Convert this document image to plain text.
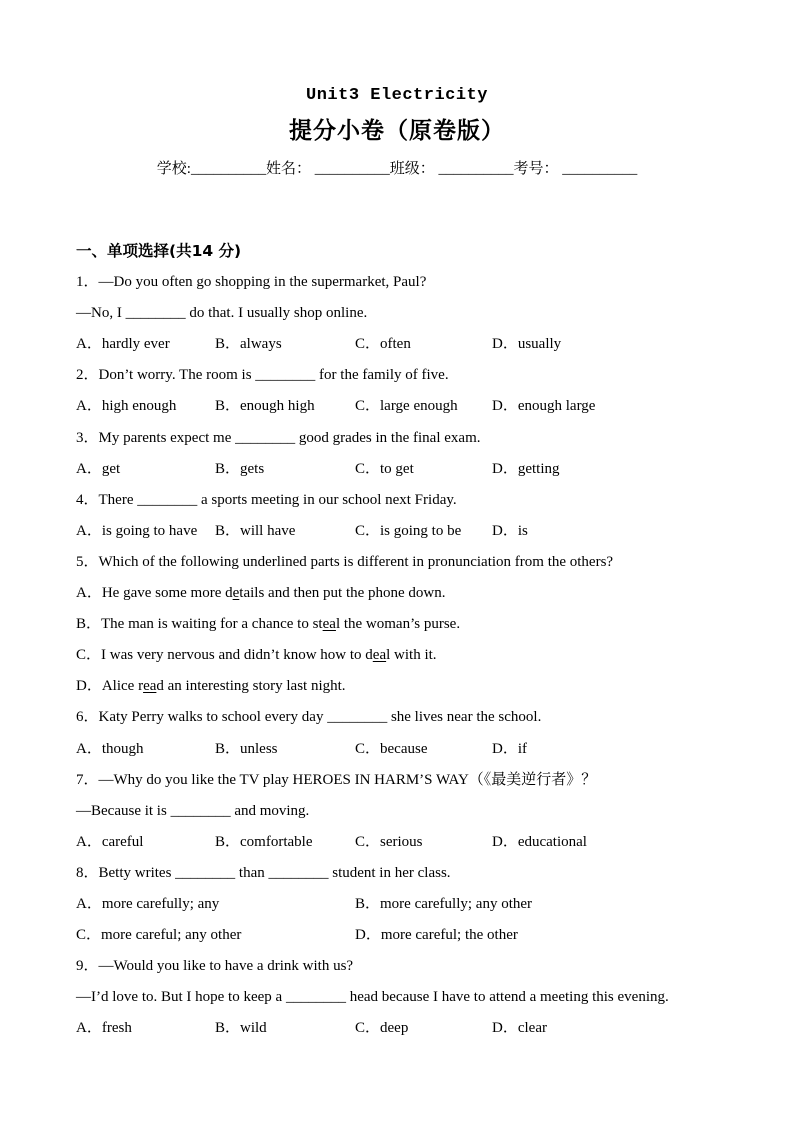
Unit3 Electricity
提分小卷（原卷版）
学校:__________姓名： __________班级： __________考号： __________
一、单项选择(共14 分)
1．—Do you often go shopping in the supermarket, Paul?
—No, I ________ do that. I usually shop online.
A．hardly ever	B．always	C．often	D．usually
2．Don’t worry. The room is ________ for the family of five.
A．high enough	B．enough high	C．large enough	D．enough large
3．My parents expect me ________ good grades in the final exam.
A．get	B．gets	C．to get	D．getting
4．There ________ a sports meeting in our school next Friday.
A．is going to have	B．will have	C．is going to be	D．is
5．Which of the following underlined parts is different in pronunciation from the others?
A．He gave some more details and then put the phone down.
B．The man is waiting for a chance to steal the woman’s purse.
C．I was very nervous and didn’t know how to deal with it.
D．Alice read an interesting story last night.
6．Katy Perry walks to school every day ________ she lives near the school.
A．though	B．unless	C．because	D．if
7．—Why do you like the TV play HEROES IN HARM’S WAY（《最美逆行者》？
—Because it is ________ and moving.
A．careful	B．comfortable	C．serious	D．educational
8．Betty writes ________ than ________ student in her class.
A．more carefully; any	B．more carefully; any other
C．more careful; any other	D．more careful; the other
9．—Would you like to have a drink with us?
—I’d love to. But I hope to keep a ________ head because I have to attend a meeting this evening.
A．fresh	B．wild	C．deep	D．clear
